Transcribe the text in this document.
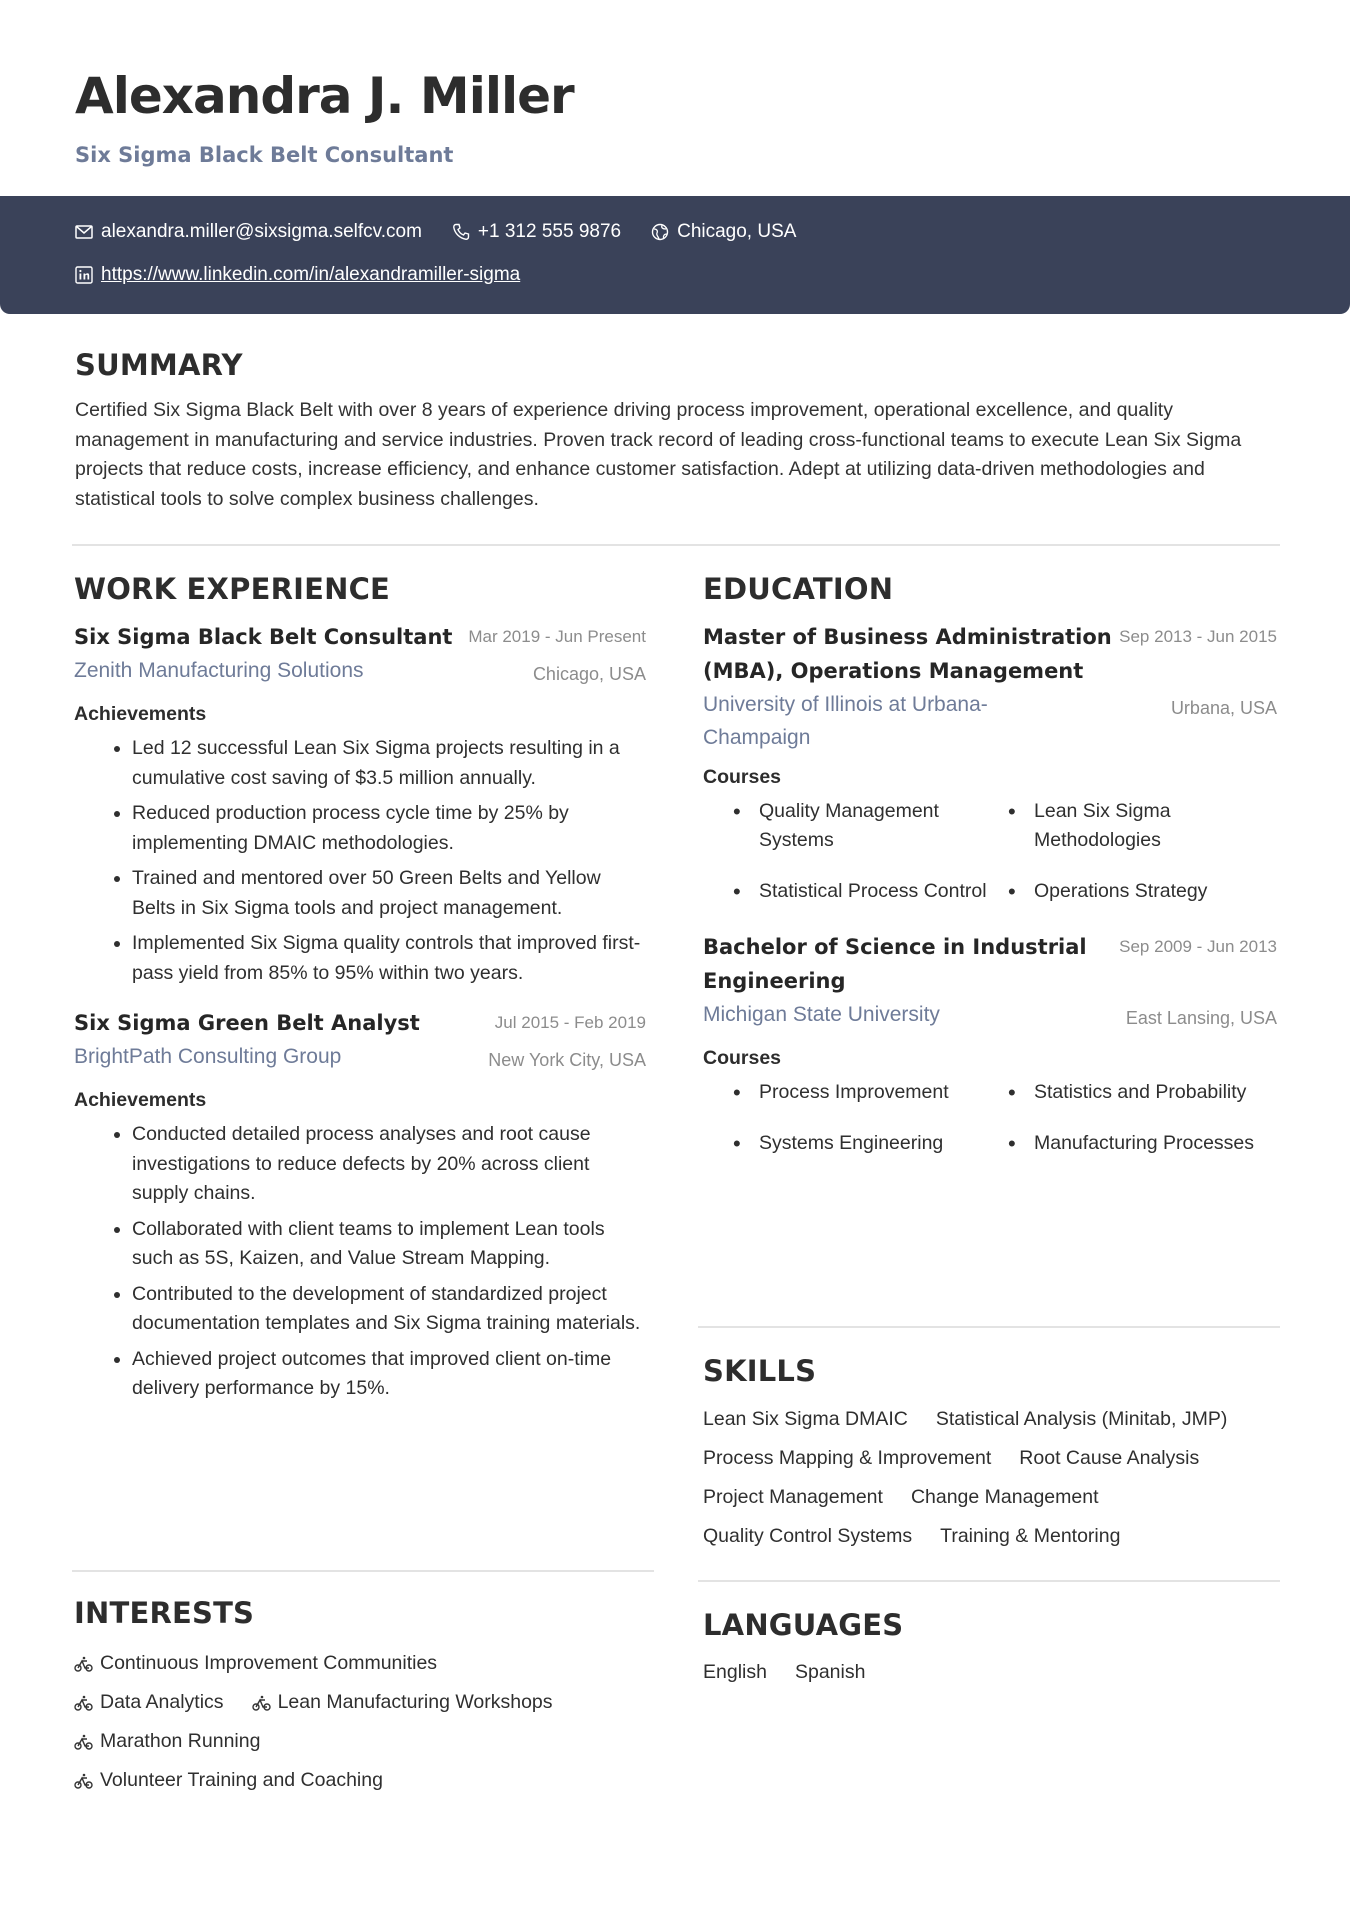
Alexandra J. Miller
Six Sigma Black Belt Consultant
alexandra.miller@sixsigma.selfcv.com	+1 312 555 9876	Chicago, USA
https://www.linkedin.com/in/alexandramiller-sigma
SUMMARY

Certified Six Sigma Black Belt with over 8 years of experience driving process improvement, operational excellence, and quality management in manufacturing and service industries. Proven track record of leading cross-functional teams to execute Lean Six Sigma projects that reduce costs, increase efficiency, and enhance customer satisfaction. Adept at utilizing data-driven methodologies and statistical tools to solve complex business challenges.

WORK EXPERIENCE
Six Sigma Black Belt Consultant Mar 2019 - Jun Present
Zenith Manufacturing Solutions	Chicago, USA
Achievements
• Led 12 successful Lean Six Sigma projects resulting in a cumulative cost saving of $3.5 million annually.
• Reduced production process cycle time by 25% by implementing DMAIC methodologies.
• Trained and mentored over 50 Green Belts and Yellow Belts in Six Sigma tools and project management.
• Implemented Six Sigma quality controls that improved first-pass yield from 85% to 95% within two years.
Six Sigma Green Belt Analyst	Jul 2015 - Feb 2019
BrightPath Consulting Group	New York City, USA
Achievements
• Conducted detailed process analyses and root cause investigations to reduce defects by 20% across client supply chains.
• Collaborated with client teams to implement Lean tools such as 5S, Kaizen, and Value Stream Mapping.
• Contributed to the development of standardized project documentation templates and Six Sigma training materials.
• Achieved project outcomes that improved client on-time delivery performance by 15%.
INTERESTS
Continuous Improvement Communities
Data Analytics	Lean Manufacturing Workshops
Marathon Running
Volunteer Training and Coaching
EDUCATION
Master of Business Administration (MBA), Operations Management
Sep 2013 - Jun 2015
University of Illinois at Urbana-Champaign
Urbana, USA
Courses
• Quality Management Systems
• Lean Six Sigma Methodologies
• Statistical Process Control	• Operations Strategy
Bachelor of Science in Industrial Engineering
Sep 2009 - Jun 2013
Michigan State University	East Lansing, USA
Courses
• Process Improvement	• Statistics and Probability
• Systems Engineering	• Manufacturing Processes
SKILLS
Lean Six Sigma DMAIC Statistical Analysis (Minitab, JMP)
Process Mapping & Improvement Root Cause Analysis
Project Management Change Management
Quality Control Systems Training & Mentoring
LANGUAGES
English Spanish
